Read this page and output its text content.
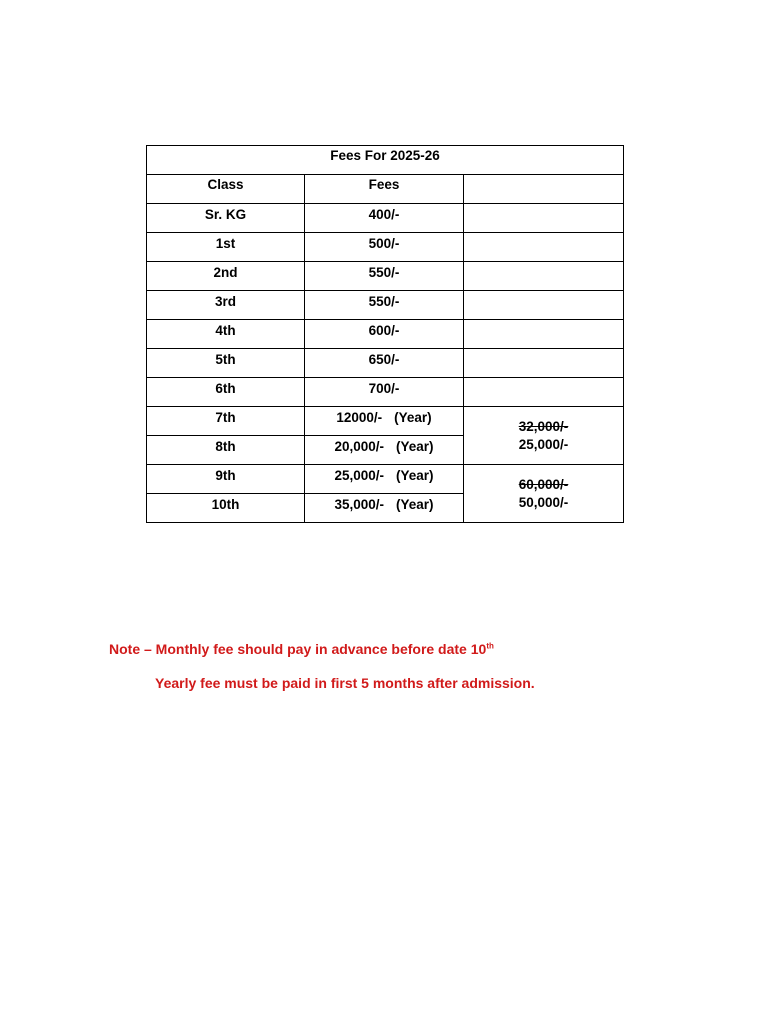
Fees For 2025-26		
Class	Fees	
Sr. KG	400/-	
1st	500/-	
2nd	550/-	
3rd	550/-	
4th	600/-	
5th	650/-	
6th	700/-	
7th	12000/- (Year)	32,000/-
25,000/-

8th	20,000/- (Year)	
9th	25,000/- (Year)	60,000/-
50,000/-

10th	35,000/- (Year)	
Note – Monthly fee should pay in advance before date 10th
Yearly fee must be paid in first 5 months after admission.
